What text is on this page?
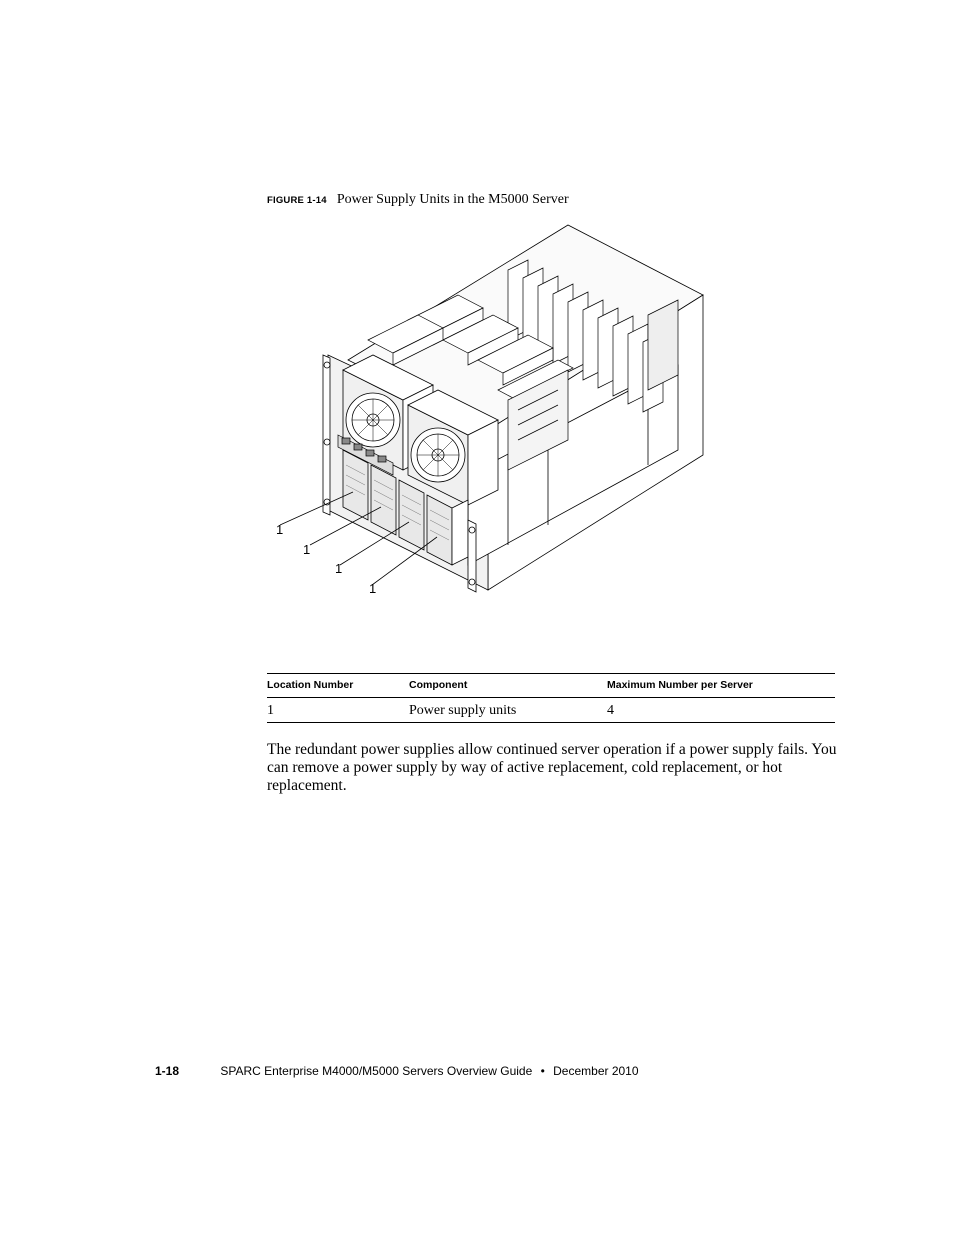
FIGURE 1-14 Power Supply Units in the M5000 Server
1
1
1
1
Location Number	Component	Maximum Number per Server
1	Power supply units	4

The redundant power supplies allow continued server operation if a power supply fails. You can remove a power supply by way of active replacement, cold replacement, or hot replacement.

1-18	SPARC Enterprise M4000/M5000 Servers Overview Guide • December 2010
